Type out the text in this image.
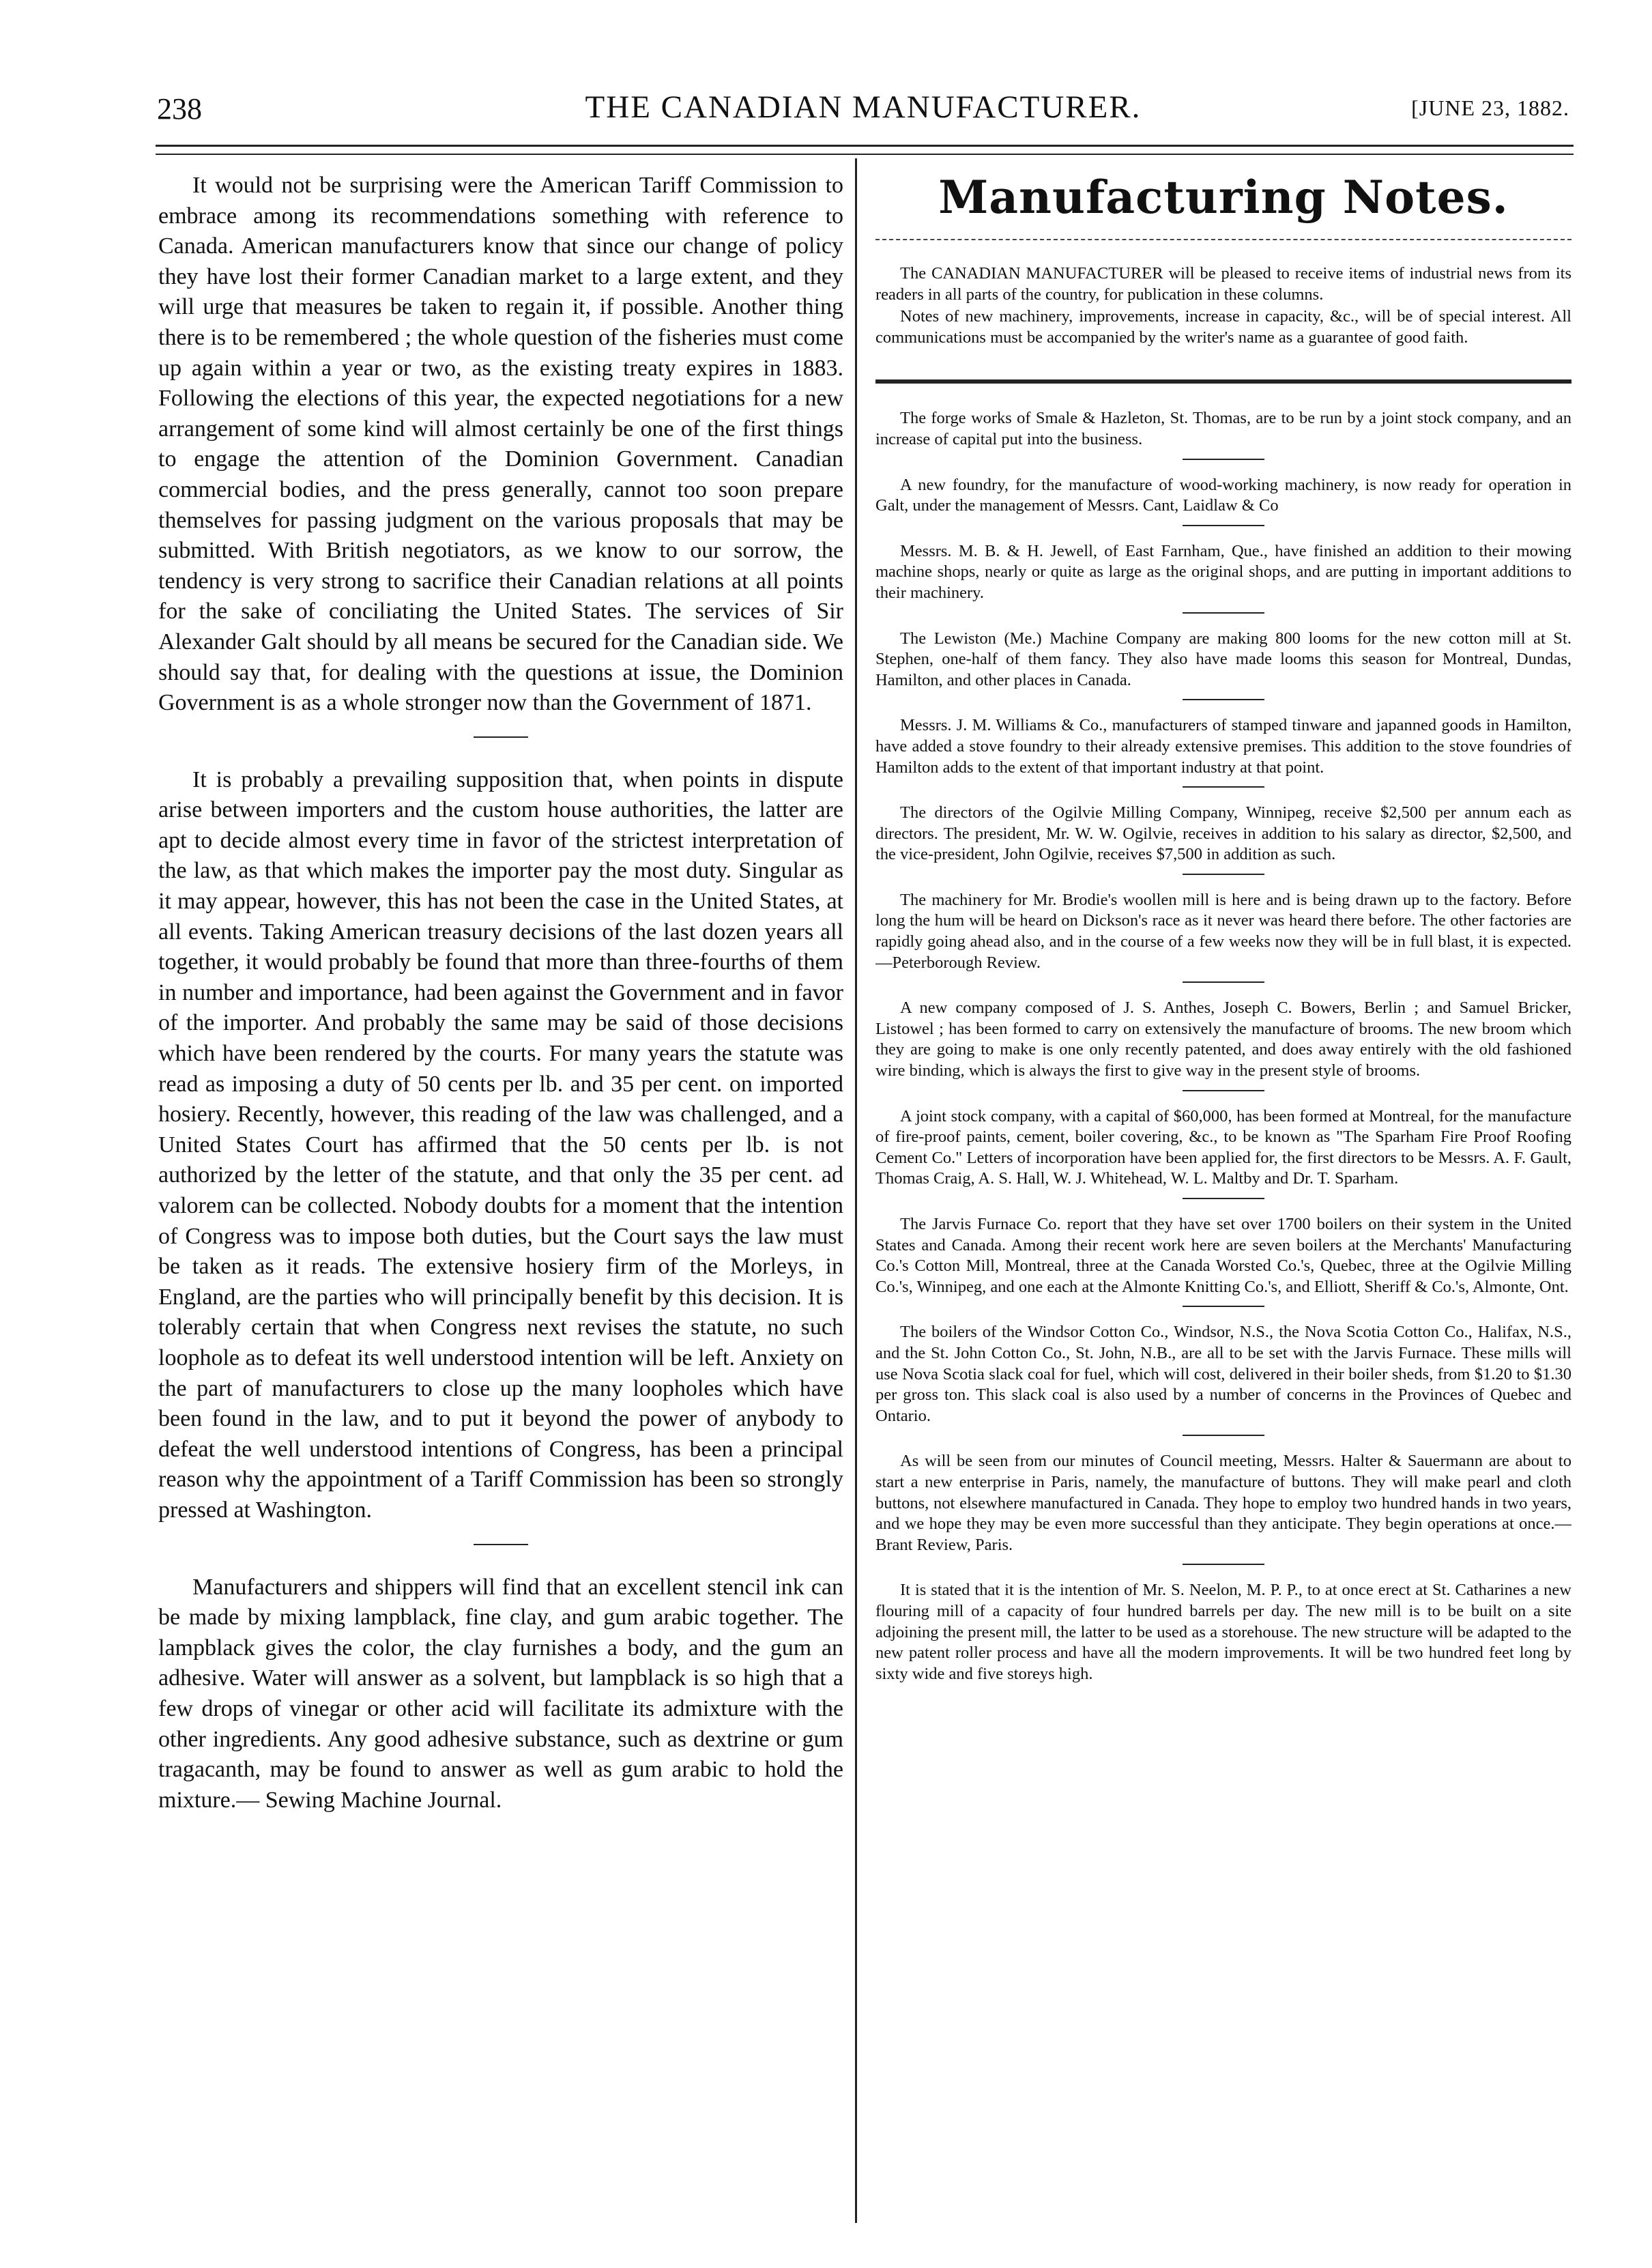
238	THE CANADIAN MANUFACTURER.	[JUNE 23, 1882.

It would not be surprising were the American Tariff Commission to embrace among its recommendations something with reference to Canada. American manufacturers know that since our change of policy they have lost their former Canadian market to a large extent, and they will urge that measures be taken to regain it, if possible. Another thing there is to be remembered ; the whole question of the fisheries must come up again within a year or two, as the existing treaty expires in 1883. Following the elections of this year, the expected negotiations for a new arrangement of some kind will almost certainly be one of the first things to engage the attention of the Dominion Government. Canadian commercial bodies, and the press generally, cannot too soon prepare themselves for passing judgment on the various proposals that may be submitted. With British negotiators, as we know to our sorrow, the tendency is very strong to sacrifice their Canadian relations at all points for the sake of conciliating the United States. The services of Sir Alexander Galt should by all means be secured for the Canadian side. We should say that, for dealing with the questions at issue, the Dominion Government is as a whole stronger now than the Government of 1871.

It is probably a prevailing supposition that, when points in dispute arise between importers and the custom house authorities, the latter are apt to decide almost every time in favor of the strictest interpretation of the law, as that which makes the importer pay the most duty. Singular as it may appear, however, this has not been the case in the United States, at all events. Taking American treasury decisions of the last dozen years all together, it would probably be found that more than three-fourths of them in number and importance, had been against the Government and in favor of the importer. And probably the same may be said of those decisions which have been rendered by the courts. For many years the statute was read as imposing a duty of 50 cents per lb. and 35 per cent. on imported hosiery. Recently, however, this reading of the law was challenged, and a United States Court has affirmed that the 50 cents per lb. is not authorized by the letter of the statute, and that only the 35 per cent. ad valorem can be collected. Nobody doubts for a moment that the intention of Congress was to impose both duties, but the Court says the law must be taken as it reads. The extensive hosiery firm of the Morleys, in England, are the parties who will principally benefit by this decision. It is tolerably certain that when Congress next revises the statute, no such loophole as to defeat its well understood intention will be left. Anxiety on the part of manufacturers to close up the many loopholes which have been found in the law, and to put it beyond the power of anybody to defeat the well understood intentions of Congress, has been a principal reason why the appointment of a Tariff Commission has been so strongly pressed at Washington.

Manufacturers and shippers will find that an excellent stencil ink can be made by mixing lampblack, fine clay, and gum arabic together. The lampblack gives the color, the clay furnishes a body, and the gum an adhesive. Water will answer as a solvent, but lampblack is so high that a few drops of vinegar or other acid will facilitate its admixture with the other ingredients. Any good adhesive substance, such as dextrine or gum tragacanth, may be found to answer as well as gum arabic to hold the mixture.— Sewing Machine Journal.

Manufacturing Notes.

The CANADIAN MANUFACTURER will be pleased to receive items of industrial news from its readers in all parts of the country, for publication in these columns.

Notes of new machinery, improvements, increase in capacity, &c., will be of special interest. All communications must be accompanied by the writer's name as a guarantee of good faith.

The forge works of Smale & Hazleton, St. Thomas, are to be run by a joint stock company, and an increase of capital put into the business.

A new foundry, for the manufacture of wood-working machinery, is now ready for operation in Galt, under the management of Messrs. Cant, Laidlaw & Co

Messrs. M. B. & H. Jewell, of East Farnham, Que., have finished an addition to their mowing machine shops, nearly or quite as large as the original shops, and are putting in important additions to their machinery.

The Lewiston (Me.) Machine Company are making 800 looms for the new cotton mill at St. Stephen, one-half of them fancy. They also have made looms this season for Montreal, Dundas, Hamilton, and other places in Canada.

Messrs. J. M. Williams & Co., manufacturers of stamped tinware and japanned goods in Hamilton, have added a stove foundry to their already extensive premises. This addition to the stove foundries of Hamilton adds to the extent of that important industry at that point.

The directors of the Ogilvie Milling Company, Winnipeg, receive $2,500 per annum each as directors. The president, Mr. W. W. Ogilvie, receives in addition to his salary as director, $2,500, and the vice-president, John Ogilvie, receives $7,500 in addition as such.

The machinery for Mr. Brodie's woollen mill is here and is being drawn up to the factory. Before long the hum will be heard on Dickson's race as it never was heard there before. The other factories are rapidly going ahead also, and in the course of a few weeks now they will be in full blast, it is expected.—Peterborough Review.

A new company composed of J. S. Anthes, Joseph C. Bowers, Berlin ; and Samuel Bricker, Listowel ; has been formed to carry on extensively the manufacture of brooms. The new broom which they are going to make is one only recently patented, and does away entirely with the old fashioned wire binding, which is always the first to give way in the present style of brooms.

A joint stock company, with a capital of $60,000, has been formed at Montreal, for the manufacture of fire-proof paints, cement, boiler covering, &c., to be known as "The Sparham Fire Proof Roofing Cement Co." Letters of incorporation have been applied for, the first directors to be Messrs. A. F. Gault, Thomas Craig, A. S. Hall, W. J. Whitehead, W. L. Maltby and Dr. T. Sparham.

The Jarvis Furnace Co. report that they have set over 1700 boilers on their system in the United States and Canada. Among their recent work here are seven boilers at the Merchants' Manufacturing Co.'s Cotton Mill, Montreal, three at the Canada Worsted Co.'s, Quebec, three at the Ogilvie Milling Co.'s, Winnipeg, and one each at the Almonte Knitting Co.'s, and Elliott, Sheriff & Co.'s, Almonte, Ont.

The boilers of the Windsor Cotton Co., Windsor, N.S., the Nova Scotia Cotton Co., Halifax, N.S., and the St. John Cotton Co., St. John, N.B., are all to be set with the Jarvis Furnace. These mills will use Nova Scotia slack coal for fuel, which will cost, delivered in their boiler sheds, from $1.20 to $1.30 per gross ton. This slack coal is also used by a number of concerns in the Provinces of Quebec and Ontario.

As will be seen from our minutes of Council meeting, Messrs. Halter & Sauermann are about to start a new enterprise in Paris, namely, the manufacture of buttons. They will make pearl and cloth buttons, not elsewhere manufactured in Canada. They hope to employ two hundred hands in two years, and we hope they may be even more successful than they anticipate. They begin operations at once.—Brant Review, Paris.

It is stated that it is the intention of Mr. S. Neelon, M. P. P., to at once erect at St. Catharines a new flouring mill of a capacity of four hundred barrels per day. The new mill is to be built on a site adjoining the present mill, the latter to be used as a storehouse. The new structure will be adapted to the new patent roller process and have all the modern improvements. It will be two hundred feet long by sixty wide and five storeys high.
